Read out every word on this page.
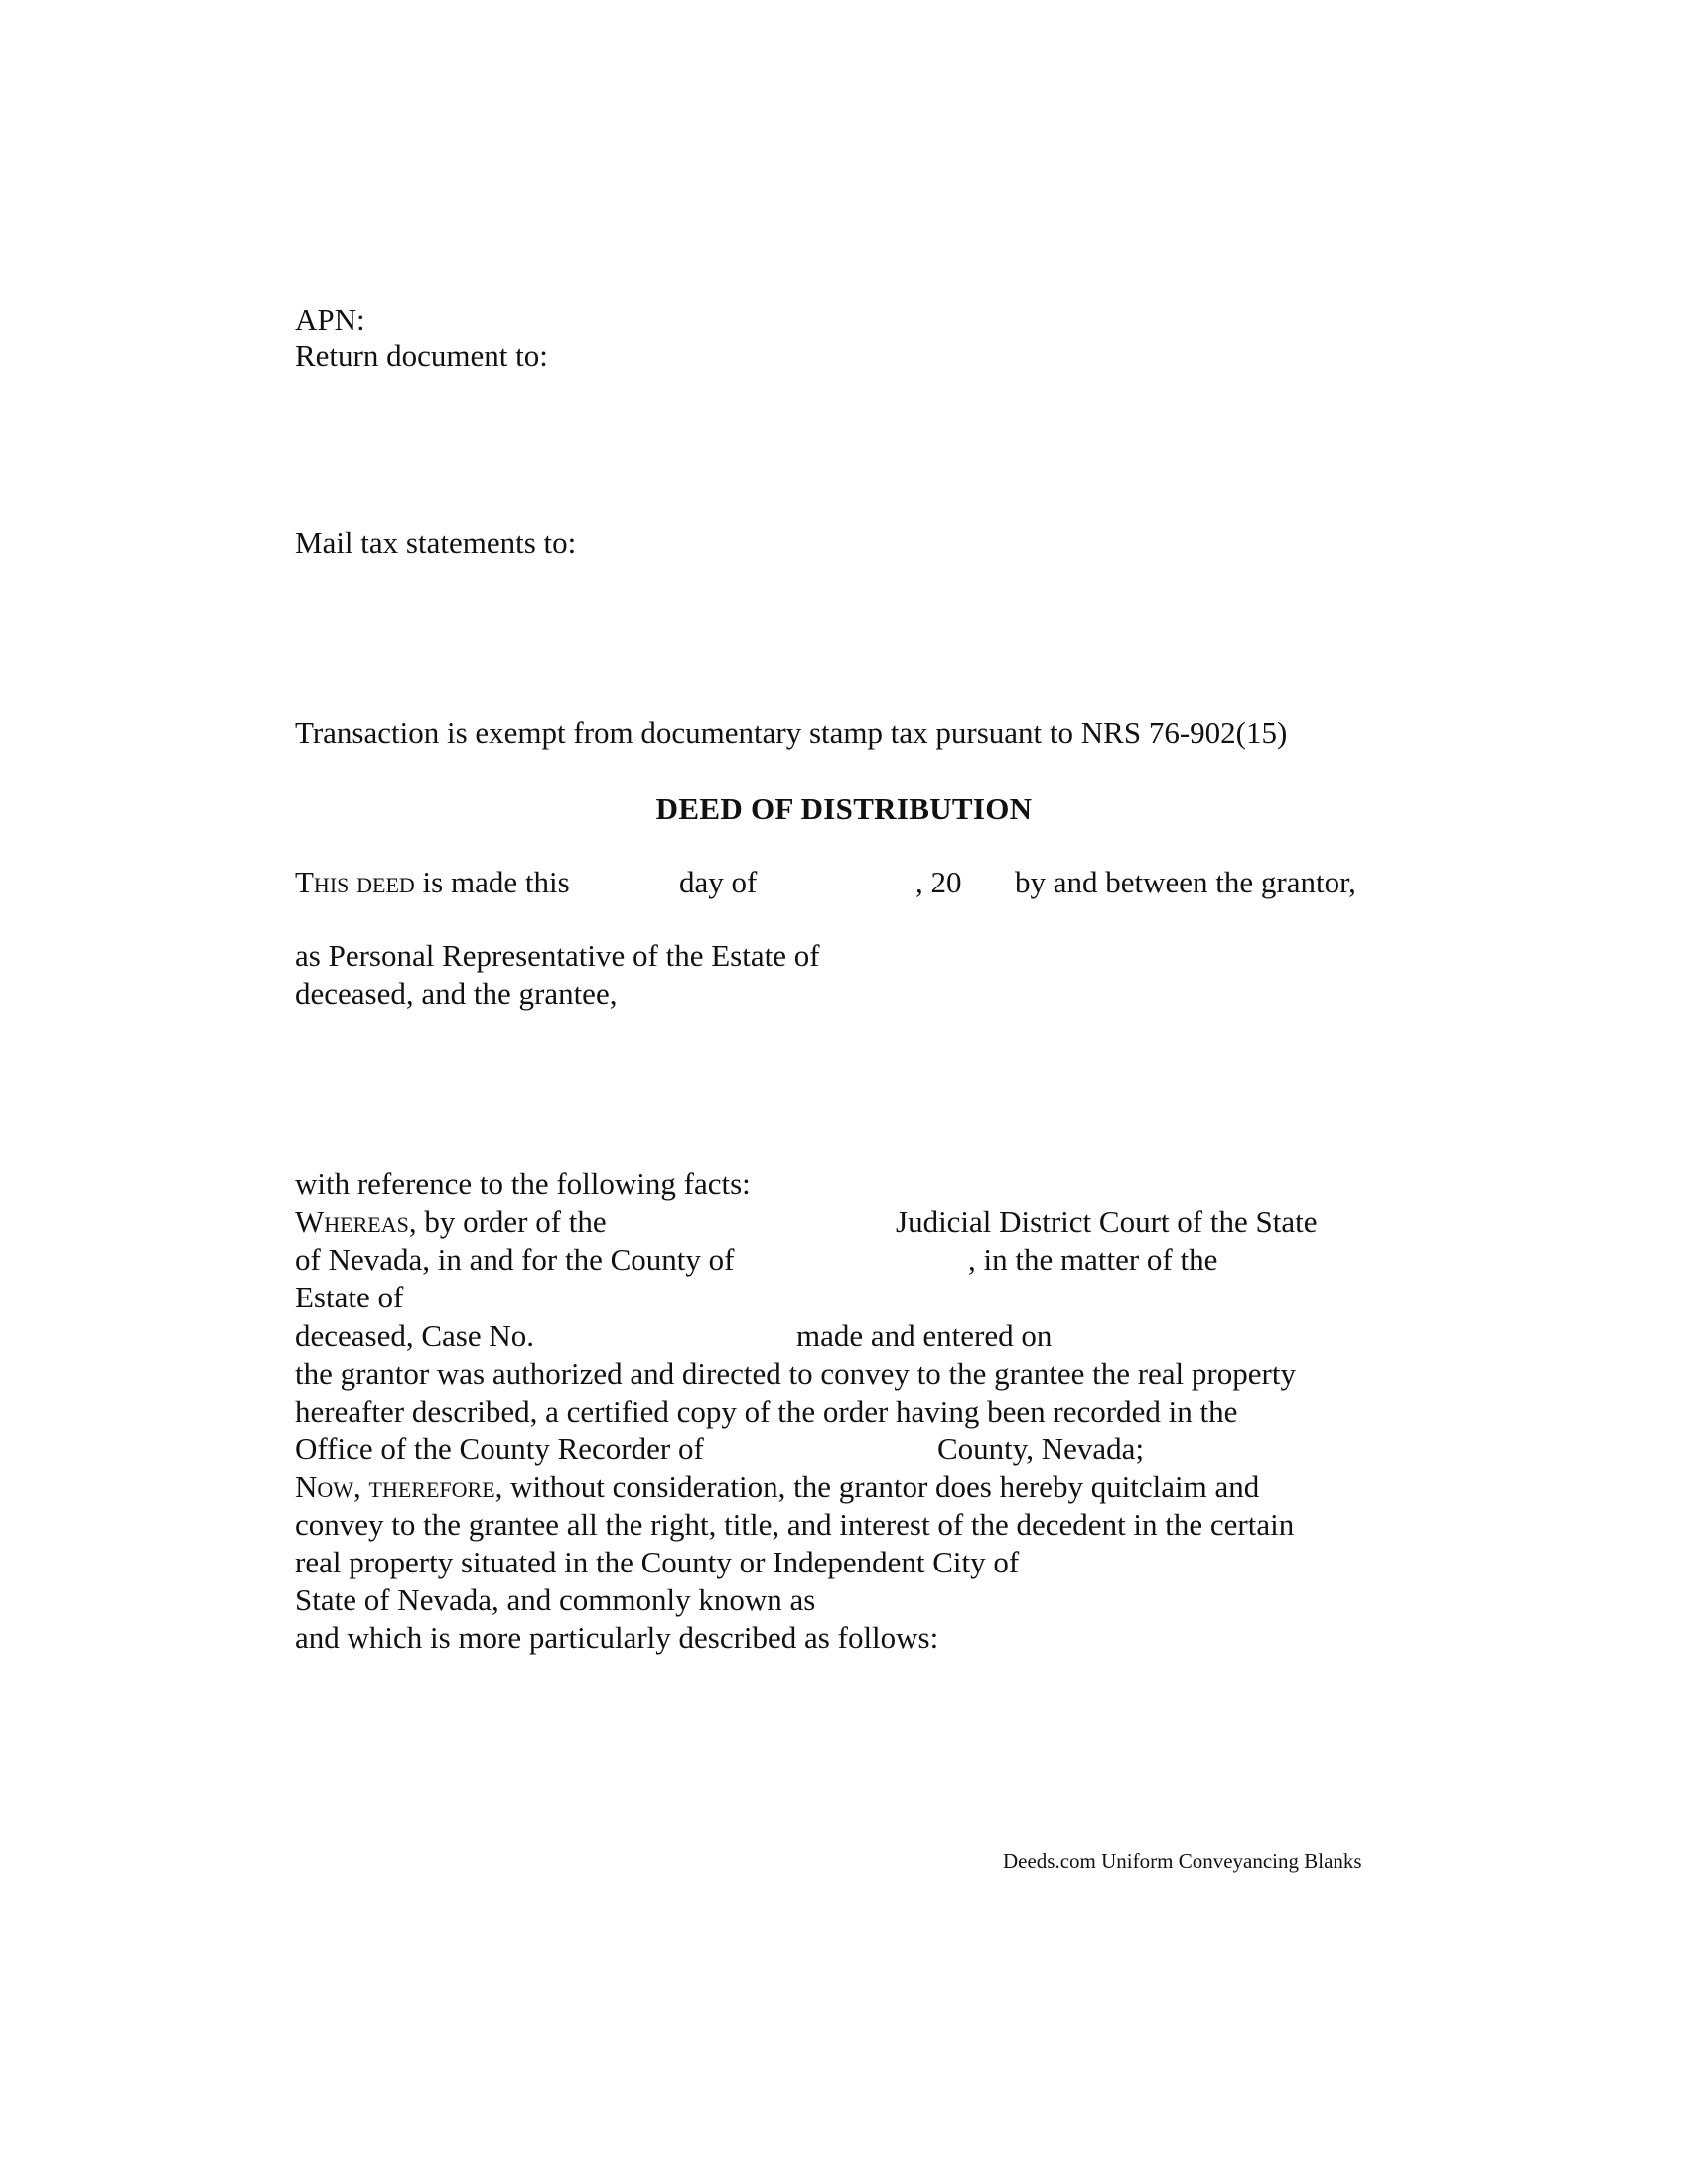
APN:
Return document to:
Mail tax statements to:
Transaction is exempt from documentary stamp tax pursuant to NRS 76-902(15)
DEED OF DISTRIBUTION
This deed is made this	day of	, 20 by and between the grantor,
as Personal Representative of the Estate of
deceased, and the grantee,
with reference to the following facts:
Whereas, by order of the	Judicial District Court of the State
of Nevada, in and for the County of	, in the matter of the
Estate of
deceased, Case No.	made and entered on
the grantor was authorized and directed to convey to the grantee the real property
hereafter described, a certified copy of the order having been recorded in the
Office of the County Recorder of	County, Nevada;
Now, therefore, without consideration, the grantor does hereby quitclaim and
convey to the grantee all the right, title, and interest of the decedent in the certain
real property situated in the County or Independent City of
State of Nevada, and commonly known as
and which is more particularly described as follows:
Deeds.com Uniform Conveyancing Blanks
